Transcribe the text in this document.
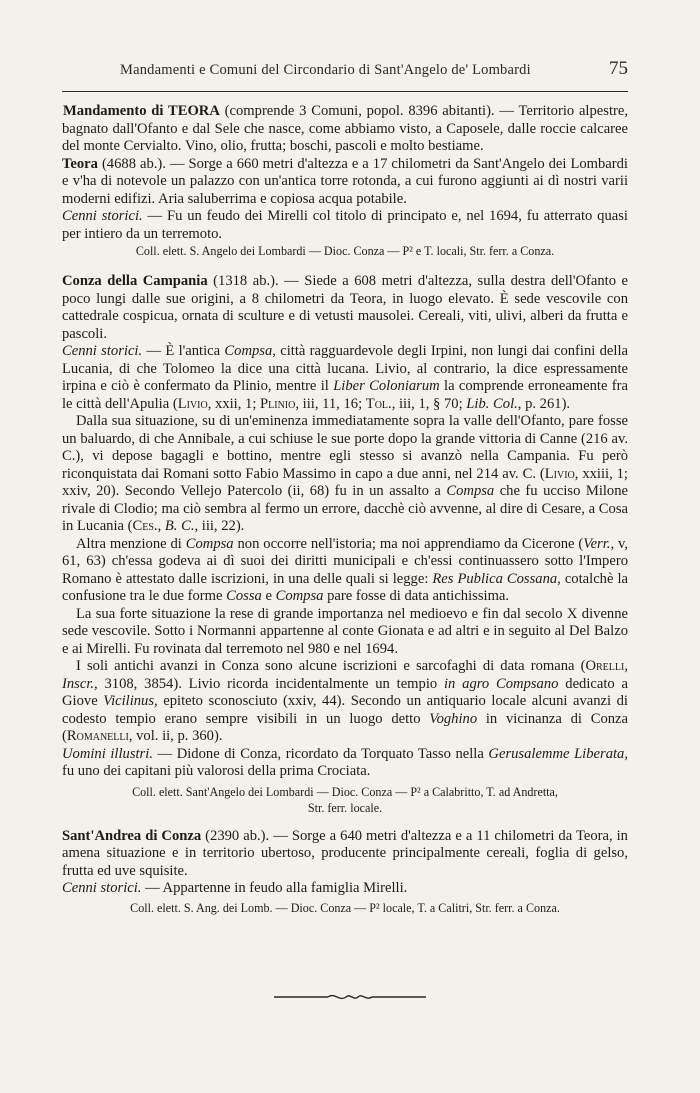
Mandamenti e Comuni del Circondario di Sant'Angelo de' Lombardi	75

Mandamento di TEORA (comprende 3 Comuni, popol. 8396 abitanti). — Territorio alpestre, bagnato dall'Ofanto e dal Sele che nasce, come abbiamo visto, a Caposele, dalle roccie calcaree del monte Cervialto. Vino, olio, frutta; boschi, pascoli e molto bestiame.

Teora (4688 ab.). — Sorge a 660 metri d'altezza e a 17 chilometri da Sant'Angelo dei Lombardi e v'ha di notevole un palazzo con un'antica torre rotonda, a cui furono aggiunti ai dì nostri varii moderni edifizi. Aria saluberrima e copiosa acqua potabile.

Cenni storici. — Fu un feudo dei Mirelli col titolo di principato e, nel 1694, fu atterrato quasi per intiero da un terremoto.

Coll. elett. S. Angelo dei Lombardi — Dioc. Conza — P² e T. locali, Str. ferr. a Conza.

Conza della Campania (1318 ab.). — Siede a 608 metri d'altezza, sulla destra dell'Ofanto e poco lungi dalle sue origini, a 8 chilometri da Teora, in luogo elevato. È sede vescovile con cattedrale cospicua, ornata di sculture e di vetusti mausolei. Cereali, viti, ulivi, alberi da frutta e pascoli.

Cenni storici. — È l'antica Compsa, città ragguardevole degli Irpini, non lungi dai confini della Lucania, di che Tolomeo la dice una città lucana. Livio, al contrario, la dice espressamente irpina e ciò è confermato da Plinio, mentre il Liber Coloniarum la comprende erroneamente fra le città dell'Apulia (Livio, xxii, 1; Plinio, iii, 11, 16; Tol., iii, 1, § 70; Lib. Col., p. 261).

Dalla sua situazione, su di un'eminenza immediatamente sopra la valle dell'Ofanto, pare fosse un baluardo, di che Annibale, a cui schiuse le sue porte dopo la grande vittoria di Canne (216 av. C.), vi depose bagagli e bottino, mentre egli stesso si avanzò nella Campania. Fu però riconquistata dai Romani sotto Fabio Massimo in capo a due anni, nel 214 av. C. (Livio, xxiii, 1; xxiv, 20). Secondo Vellejo Patercolo (ii, 68) fu in un assalto a Compsa che fu ucciso Milone rivale di Clodio; ma ciò sembra al fermo un errore, dacchè ciò avvenne, al dire di Cesare, a Cosa in Lucania (Ces., B. C., iii, 22).

Altra menzione di Compsa non occorre nell'istoria; ma noi apprendiamo da Cicerone (Verr., v, 61, 63) ch'essa godeva ai dì suoi dei diritti municipali e ch'essi continuassero sotto l'Impero Romano è attestato dalle iscrizioni, in una delle quali si legge: Res Publica Cossana, cotalchè la confusione tra le due forme Cossa e Compsa pare fosse di data antichissima.

La sua forte situazione la rese di grande importanza nel medioevo e fin dal secolo X divenne sede vescovile. Sotto i Normanni appartenne al conte Gionata e ad altri e in seguito al Del Balzo e ai Mirelli. Fu rovinata dal terremoto nel 980 e nel 1694.

I soli antichi avanzi in Conza sono alcune iscrizioni e sarcofaghi di data romana (Orelli, Inscr., 3108, 3854). Livio ricorda incidentalmente un tempio in agro Compsano dedicato a Giove Vicilinus, epiteto sconosciuto (xxiv, 44). Secondo un antiquario locale alcuni avanzi di codesto tempio erano sempre visibili in un luogo detto Voghino in vicinanza di Conza (Romanelli, vol. ii, p. 360).

Uomini illustri. — Didone di Conza, ricordato da Torquato Tasso nella Gerusalemme Liberata, fu uno dei capitani più valorosi della prima Crociata.

Coll. elett. Sant'Angelo dei Lombardi — Dioc. Conza — P² a Calabritto, T. ad Andretta,

Str. ferr. locale.

Sant'Andrea di Conza (2390 ab.). — Sorge a 640 metri d'altezza e a 11 chilometri da Teora, in amena situazione e in territorio ubertoso, producente principalmente cereali, foglia di gelso, frutta ed uve squisite.

Cenni storici. — Appartenne in feudo alla famiglia Mirelli.

Coll. elett. S. Ang. dei Lomb. — Dioc. Conza — P² locale, T. a Calitri, Str. ferr. a Conza.
